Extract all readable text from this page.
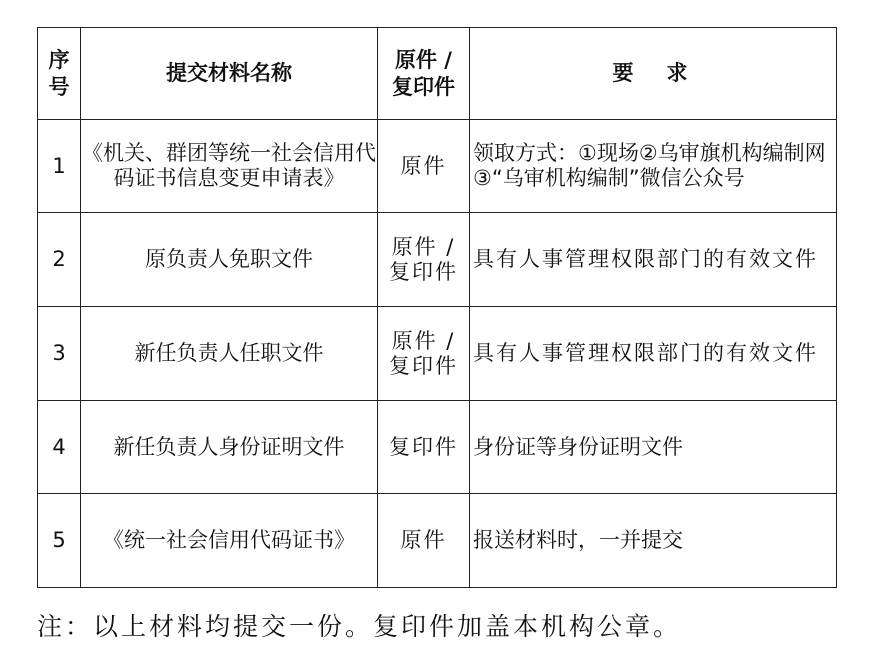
序号	提交材料名称	原件 / 复印件	要　求
1	《机关、群团等统一社会信用代码证书信息变更申请表》	原件	领取方式：①现场②乌审旗机构编制网③“乌审机构编制”微信公众号
2	原负责人免职文件	原件 / 复印件	具有人事管理权限部门的有效文件
3	新任负责人任职文件	原件 / 复印件	具有人事管理权限部门的有效文件
4	新任负责人身份证明文件	复印件	身份证等身份证明文件
5	《统一社会信用代码证书》	原件	报送材料时，一并提交
注：以上材料均提交一份。复印件加盖本机构公章。
